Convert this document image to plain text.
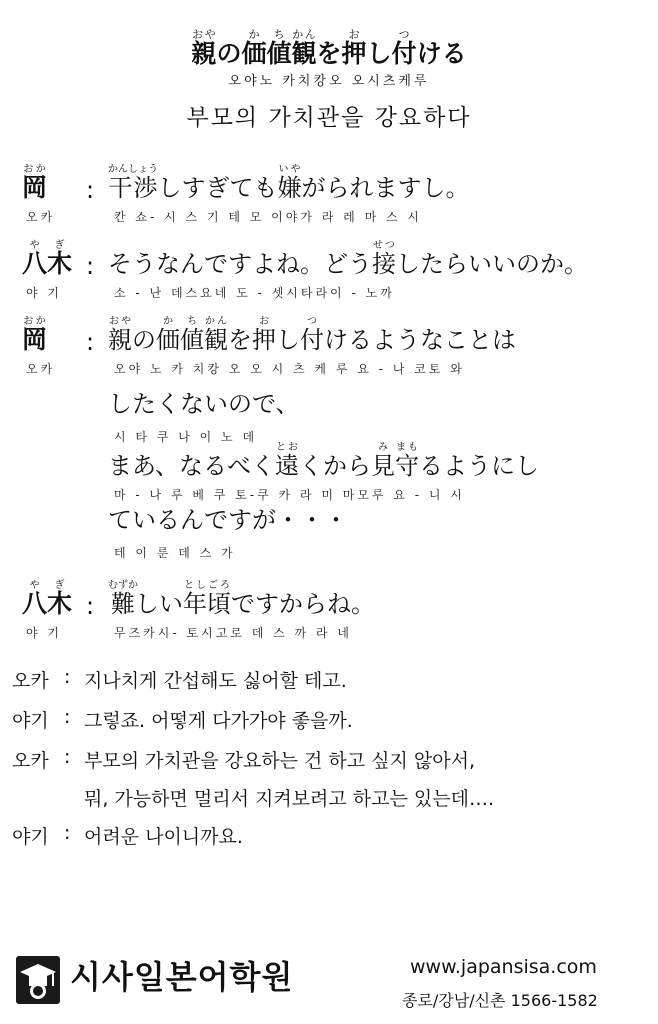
親おやの価か値ち観かんを押おし付つける
오야노 카치캉오 오시츠케루
부모의 가치관을 강요하다
岡おか
:
오카
干渉かんしょうしすぎても嫌いやがられますし。
칸 쇼- 시 스 기 테 모 이야가 라 레 마 스 시
八木やぎ
:
야 기
そうなんですよね。どう接せつしたらいいのか。
소 - 난 데스요네 도 - 셋시타라이 - 노까
岡おか
:
오카
親おやの価か値ち観かんを押おし付つけるようなことは
오야 노 카 치캉 오 오 시 츠 케 루 요 - 나 코토 와
したくないので、
시 타 쿠 나 이 노 데
まあ、なるべく遠とおくから見み守まもるようにし
마 - 나 루 베 쿠 토-쿠 카 라 미 마모루 요 - 니 시
ているんですが・・・
테 이 룬 데 스 가
八木やぎ
:
야 기
難むずかしい年頃としごろですからね。
무즈카시- 토시고로 데 스 까 라 네
오카 : 지나치게 간섭해도 싫어할 테고.
야기 : 그렇죠. 어떻게 다가가야 좋을까.
오카 : 부모의 가치관을 강요하는 건 하고 싶지 않아서,
뭐, 가능하면 멀리서 지켜보려고 하고는 있는데….
야기 : 어려운 나이니까요.
시사일본어학원	www.japansisa.com
종로/강남/신촌 1566-1582
